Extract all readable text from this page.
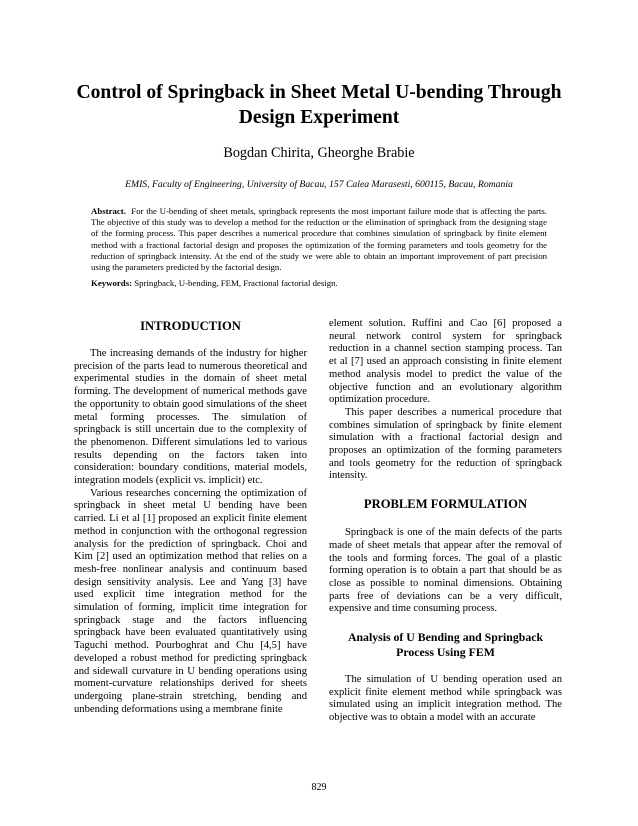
Control of Springback in Sheet Metal U-bending Through Design Experiment
Bogdan Chirita, Gheorghe Brabie
EMIS, Faculty of Engineering, University of Bacau, 157 Calea Marasesti, 600115, Bacau, Romania

Abstract. For the U-bending of sheet metals, springback represents the most important failure mode that is affecting the parts. The objective of this study was to develop a method for the reduction or the elimination of springback from the designing stage of the forming process. This paper describes a numerical procedure that combines simulation of springback by finite element method with a fractional factorial design and proposes the optimization of the forming parameters and tools geometry for the reduction of springback intensity. At the end of the study we were able to obtain an important improvement of part precision using the parameters predicted by the factorial design.

Keywords: Springback, U-bending, FEM, Fractional factorial design.

INTRODUCTION

The increasing demands of the industry for higher precision of the parts lead to numerous theoretical and experimental studies in the domain of sheet metal forming. The development of numerical methods gave the opportunity to obtain good simulations of the sheet metal forming processes. The simulation of springback is still uncertain due to the complexity of the phenomenon. Different simulations led to various results depending on the factors taken into consideration: boundary conditions, material models, integration models (explicit vs. implicit) etc.

Various researches concerning the optimization of springback in sheet metal U bending have been carried. Li et al [1] proposed an explicit finite element method in conjunction with the orthogonal regression analysis for the prediction of springback. Choi and Kim [2] used an optimization method that relies on a mesh-free nonlinear analysis and continuum based design sensitivity analysis. Lee and Yang [3] have used explicit time integration method for the simulation of forming, implicit time integration for springback stage and the factors influencing springback have been evaluated quantitatively using Taguchi method. Pourboghrat and Chu [4,5] have developed a robust method for predicting springback and sidewall curvature in U bending operations using moment-curvature relationships derived for sheets undergoing plane-strain stretching, bending and unbending deformations using a membrane finite

element solution. Ruffini and Cao [6] proposed a neural network control system for springback reduction in a channel section stamping process. Tan et al [7] used an approach consisting in finite element method analysis model to predict the value of the objective function and an evolutionary algorithm optimization procedure.

This paper describes a numerical procedure that combines simulation of springback by finite element simulation with a fractional factorial design and proposes an optimization of the forming parameters and tools geometry for the reduction of springback intensity.

PROBLEM FORMULATION

Springback is one of the main defects of the parts made of sheet metals that appear after the removal of the tools and forming forces. The goal of a plastic forming operation is to obtain a part that should be as close as possible to nominal dimensions. Obtaining parts free of deviations can be a very difficult, expensive and time consuming process.

Analysis of U Bending and Springback Process Using FEM

The simulation of U bending operation used an explicit finite element method while springback was simulated using an implicit integration method. The objective was to obtain a model with an accurate

829
